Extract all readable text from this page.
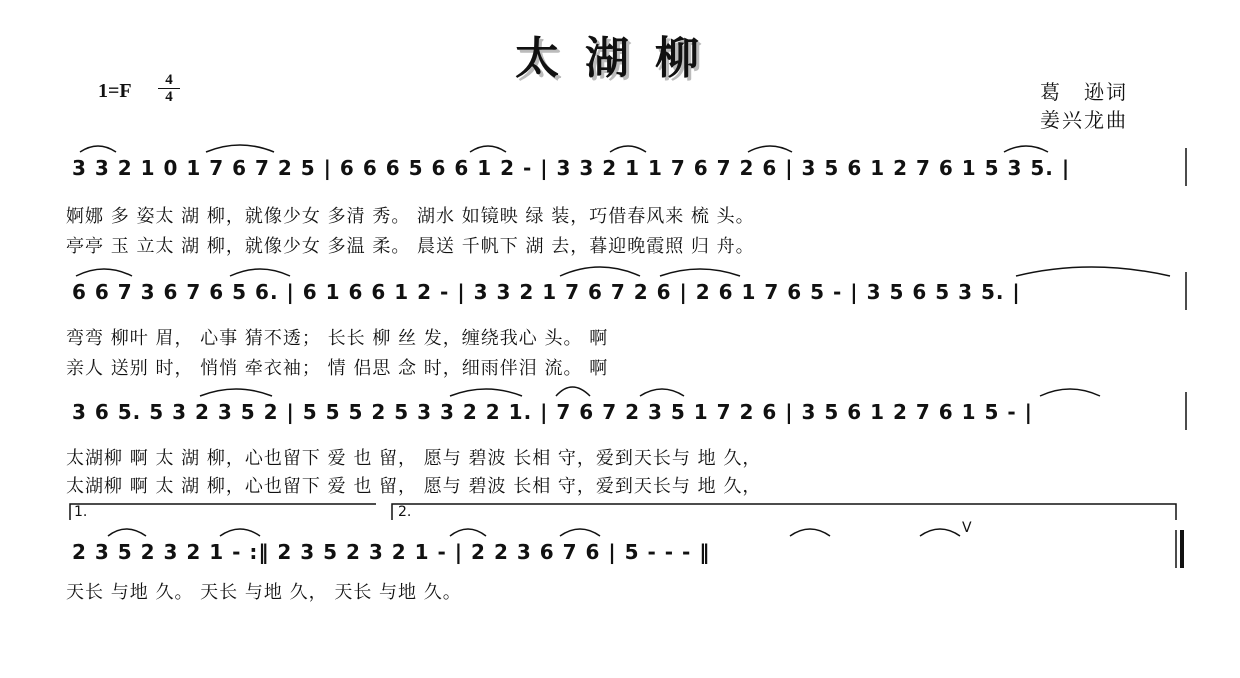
太湖柳
1=F	4
4	葛　逊词
姜兴龙曲
3 3 2 1 0 1 7 6 7 2 5 | 6 6 6 5 6 6 1 2 - | 3 3 2 1 1 7 6 7 2 6 | 3 5 6 1 2 7 6 1 5 3 5. |
婀娜 多 姿太 湖 柳，就像少女 多清 秀。 湖水 如镜映 绿 装，巧借春风来 梳 头。
亭亭 玉 立太 湖 柳，就像少女 多温 柔。 晨送 千帆下 湖 去，暮迎晚霞照 归 舟。
6 6 7 3 6 7 6 5 6. | 6 1 6 6 1 2 - | 3 3 2 1 7 6 7 2 6 | 2 6 1 7 6 5 - | 3 5 6 5 3 5. |
弯弯 柳叶 眉， 心事 猜不透； 长长 柳 丝 发，缠绕我心 头。 啊
亲人 送别 时， 悄悄 牵衣袖； 情 侣思 念 时，细雨伴泪 流。 啊
3 6 5. 5 3 2 3 5 2 | 5 5 5 2 5 3 3 2 2 1. | 7 6 7 2 3 5 1 7 2 6 | 3 5 6 1 2 7 6 1 5 - |
太湖柳 啊 太 湖 柳，心也留下 爱 也 留， 愿与 碧波 长相 守，爱到天长与 地 久，
太湖柳 啊 太 湖 柳，心也留下 爱 也 留， 愿与 碧波 长相 守，爱到天长与 地 久，
1.	2.
2 3 5 2 3 2 1 - :‖ 2 3 5 2 3 2 1 - | 2 2 3 6 7 6 | 5 - - - ‖
V
天长 与地 久。 天长 与地 久， 天长 与地 久。
